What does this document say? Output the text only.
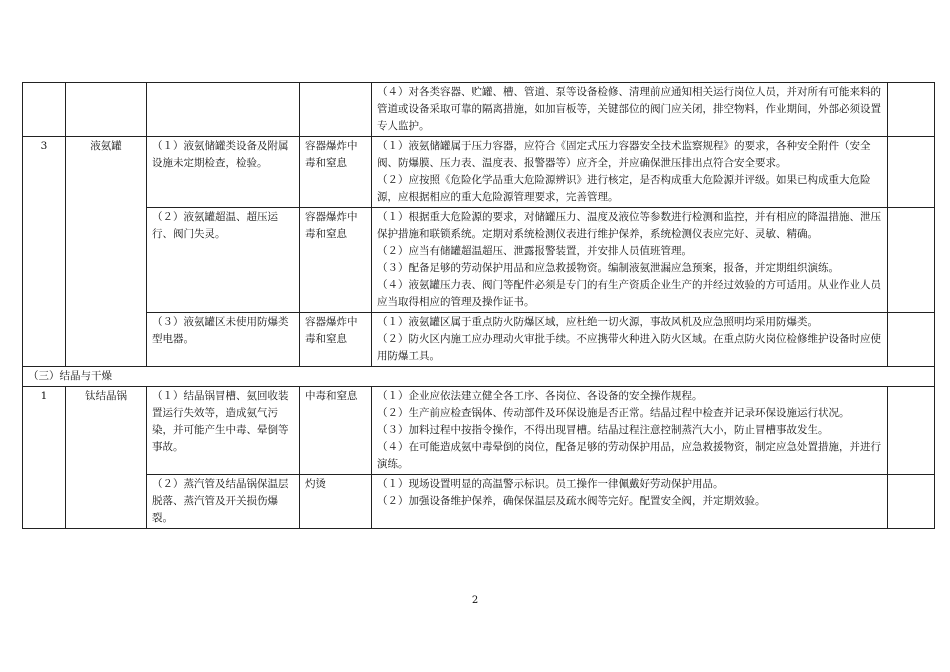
				（４）对各类容器、贮罐、槽、管道、泵等设备检修、清理前应通知相关运行岗位人员，并对所有可能来料的管道或设备采取可靠的隔离措施，如加盲板等，关键部位的阀门应关闭，排空物料，作业期间，外部必须设置专人监护。	

3	液氨罐	（１）液氨储罐类设备及附属设施未定期检查，检验。	容器爆炸中毒和窒息	（１）液氨储罐属于压力容器，应符合《固定式压力容器安全技术监察规程》的要求，各种安全附件（安全阀、防爆膜、压力表、温度表、报警器等）应齐全，并应确保泄压排出点符合安全要求。

（２）应按照《危险化学品重大危险源辨识》进行核定，是否构成重大危险源并评级。如果已构成重大危险源，应根据相应的重大危险源管理要求，完善管理。	

		（２）液氨罐超温、超压运行、阀门失灵。	容器爆炸中毒和窒息	（１）根据重大危险源的要求，对储罐压力、温度及液位等参数进行检测和监控，并有相应的降温措施、泄压保护措施和联锁系统。定期对系统检测仪表进行维护保养，系统检测仪表应完好、灵敏、精确。

（２）应当有储罐超温超压、泄露报警装置，并安排人员值班管理。

（３）配备足够的劳动保护用品和应急救援物资。编制液氨泄漏应急预案，报备，并定期组织演练。

（４）液氨罐压力表、阀门等配件必须是专门的有生产资质企业生产的并经过效验的方可适用。从业作业人员应当取得相应的管理及操作证书。	

		（３）液氨罐区未使用防爆类型电器。	容器爆炸中毒和窒息	（１）液氨罐区属于重点防火防爆区域，应杜绝一切火源，事故风机及应急照明均采用防爆类。

（２）防火区内施工应办理动火审批手续。不应携带火种进入防火区域。在重点防火岗位检修维护设备时应使用防爆工具。	

（三）结晶与干燥					
1	钛结晶锅	（１）结晶锅冒槽、氨回收装置运行失效等，造成氨气污染，并可能产生中毒、晕倒等事故。	中毒和窒息	（１）企业应依法建立健全各工序、各岗位、各设备的安全操作规程。

（２）生产前应检查锅体、传动部件及环保设施是否正常。结晶过程中检查并记录环保设施运行状况。

（３）加料过程中按指令操作，不得出现冒槽。结晶过程注意控制蒸汽大小，防止冒槽事故发生。

（４）在可能造成氨中毒晕倒的岗位，配备足够的劳动保护用品，应急救援物资，制定应急处置措施，并进行演练。	

		（２）蒸汽管及结晶锅保温层脱落、蒸汽管及开关损伤爆裂。	灼烫	（１）现场设置明显的高温警示标识。员工操作一律佩戴好劳动保护用品。

（２）加强设备维护保养，确保保温层及疏水阀等完好。配置安全阀，并定期效验。	

2
